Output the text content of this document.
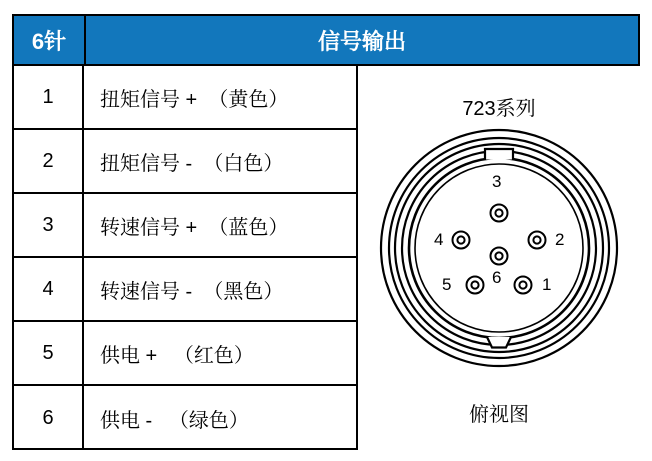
6针	信号输出
1	扭矩信号 +  （黄色）
2	扭矩信号 -  （白色）
3	转速信号 +  （蓝色）
4	转速信号 -  （黑色）
5	供电 +   （红色）
6	供电 -   （绿色）
723系列
3
2
1
6
5
4
俯视图
